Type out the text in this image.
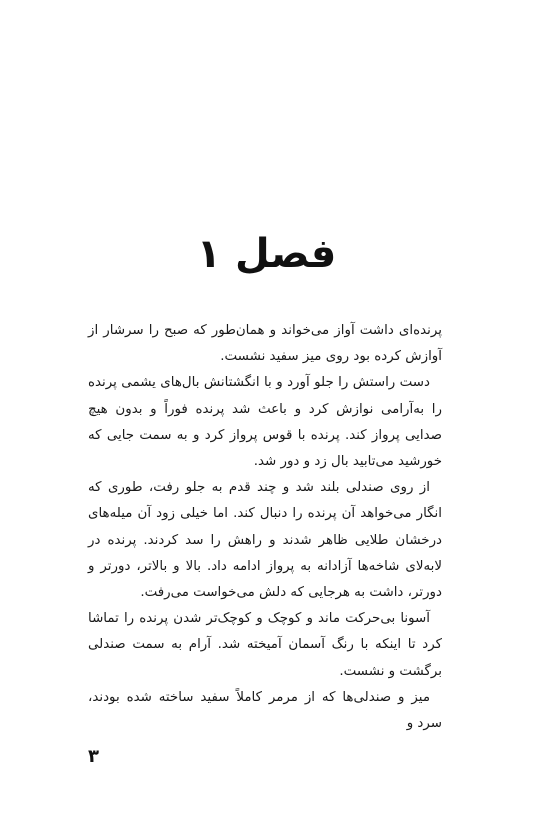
فصل ۱

پرنده‌ای داشت آواز می‌خواند و همان‌طور که صبح را سرشار از آوازش کرده بود روی میز سفید نشست.

دست راستش را جلو آورد و با انگشتانش بال‌های یشمی پرنده را به‌آرامی نوازش کرد و باعث شد پرنده فوراً و بدون هیچ صدایی پرواز کند. پرنده با قوس پرواز کرد و به سمت جایی که خورشید می‌تابید بال زد و دور شد.

از روی صندلی بلند شد و چند قدم به جلو رفت، طوری که انگار می‌خواهد آن پرنده را دنبال کند. اما خیلی زود آن میله‌های درخشان طلایی ظاهر شدند و راهش را سد کردند. پرنده در لابه‌لای شاخه‌ها آزادانه به پرواز ادامه داد. بالا و بالاتر، دورتر و دورتر، داشت به هرجایی که دلش می‌خواست می‌رفت.

آسونا بی‌حرکت ماند و کوچک و کوچک‌تر شدن پرنده را تماشا کرد تا اینکه با رنگ آسمان آمیخته شد. آرام به سمت صندلی برگشت و نشست.

میز و صندلی‌ها که از مرمر کاملاً سفید ساخته شده بودند، سرد و

۳
